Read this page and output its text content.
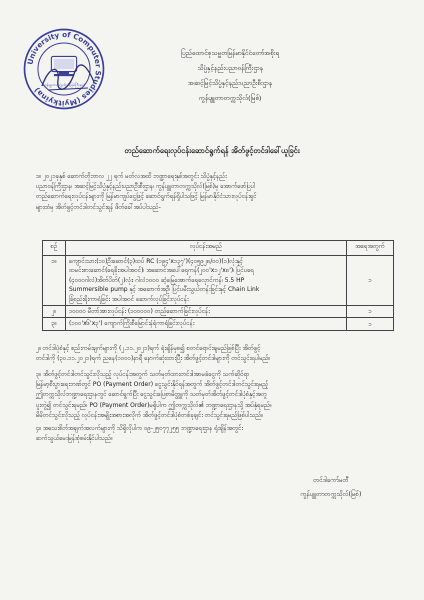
University of Computer Studies (Myitkyina)
ကွန်ပျူတာတက္ကသိုလ်(မြစ်ကြီးနား)
ပြည်ထောင်စုသမ္မတမြန်မာနိုင်ငံတော်အစိုးရ
သိပ္ပံနှင့်နည်းပညာဝန်ကြီးဌာန
အဆင့်မြင့်သိပ္ပံနှင့်နည်းပညာဦးစီးဌာန
ကွန်ပျူတာတက္ကသိုလ်(မြစ်)
တည်ဆောက်ရေးလုပ်ငန်းဆောင်ရွက်ရန် အိတ်ဖွင့်တင်ဒါခေါ်ယူခြင်း
၁။ ၂၀၂၁ခုနှစ် ဆောက်တိုဘာလ ၂၂ ရက် မတ်လအထိ ဘဏ္ဍာရေးနှစ်အတွင်း သိပ္ပံနှင့်နည်း
ပညာဝန်ကြီးဌာန၊ အဆင့်မြင့်သိပ္ပံနှင့်နည်းပညာဦးစီးဌာန၊ ကွန်ပျူတာတက္ကသိုလ်(မြစ်)မှ အောက်ဖော်ပြပါ
တည်ဆောက်ရေးလုပ်ငန်းများကို မြန်မာကျပ်ငွေဖြင့် ဆောင်ရွက်ရန်ရှိပါသဖြင့် မြန်မာနိုင်ငံသားလုပ်ငန်းရှင်
များထံမှ အိတ်ဖွင့်တင်ဒါတင်သွင်းရန် ဖိတ်ခေါ်အပ်ပါသည်-
စဉ်	လုပ်ငန်းအမည်	အရေအတွက်
၁။	ကျောင်းသား(၁၀)ဦးဆောင်(၃)ထပ် RC (၁၉၄'x၁၃၇')(၄၀၅၉၂၈/၀၀)(၁)လုံးနှင့်
ထမင်းစားဆောင်(ရေခိုးအပါအဝင်)၊ အဆောင်အပေါ်ရေကန်(၂၀၀'x၁၂'x၈')၊ ပြင်ပရေ
(၄၀၀၀ဂါလံ)အိတ်ပိတ်(၂)လုံး၊ ဂါလံ၁၀၀၀ ဆံ့မြေအောက်ရေလှောင်ကန်၊ 5.5 HP
Summersible pump နှင့် အဆောက်အဦ၊ ပြင်ပမီးသွယ်တန်းခြင်းနှင့် Chain Link
ခြံစည်းရိုးကာရံခြင်း အပါအဝင် ဆောက်လုပ်ခြင်းလုပ်ငန်း	၁
၂။	၁၀၀၀၀ မီတာ်အားလုပ်ငန်း (၁၀၀၀၀၀) တည်ဆောက်ခြင်းလုပ်ငန်း	၁
၃။	(၁၀၀'x၆'x၃') ကျောက်ကြိုးစီမြောင်းနံရံကာရံခြင်းလုပ်ငန်း	၁
၂။ တင်ဒါပုံစံနှင့် စည်းကမ်းချက်များကို (၂.၁၁.၂၀၂၁)ရက် ရုံးချိန်မှစ၍ စတင်ရောင်းချမည်ဖြစ်ပြီး အိတ်ဖွင့်
တင်ဒါကို (၃၀.၁၁.၂၀၂၁)ရက် ညနေ(၁၀၀၀)နာရီ နောက်ဆုံးထားပြီး အိတ်ဖွင့်တင်ဒါများကို တင်သွင်းရပါမည်။
၃။ အိတ်ဖွင့်တင်ဒါတင်သွင်းလိုသည့် လုပ်ငန်းအတွက် သတ်မှတ်ထားတင်ဒါအာမခံငွေကို သက်ဆိုင်ရာ
မြန်မာ့စီးပွားရေးဘဏ်တွင် PO (Payment Order) ငွေသွင်းနိုင်ရန်အတွက် အိတ်ဖွင့်တင်ဒါတင်သွင်းရမည့်
ဤတက္ကသိုလ်ဘဏ္ဍာရေးဌာနတွင် ဆောင်ရွက်ပြီး ငွေသွင်းပြေစာမိတ္တူကို သတ်မှတ်အိတ်ဖွင့်တင်ဒါပုံစံနှင့်အတူ
ပူးတွဲ၍ တင်သွင်းရမည်။ PO (Payment Order)မရှိပါက ဤတက္ကသိုလ်၏ ဘဏ္ဍာရေးဌာနသို့ အပ်နှံရမည်။
မိမိတင်သွင်းလိုသည့် လုပ်ငန်းအမျိုးအစားအလိုက် အိတ်ဖွင့်တင်ဒါပုံစံတစ်ခုချင်း တင်သွင်းရမည်ဖြစ်ပါသည်။
၄။ အသေးစိတ်အချက်အလက်များကို သိရှိလိုပါက ၀၉-၂၅၀၇၇၂၅၅ ဘဏ္ဍာရေးဌာန ရုံးချိန်အတွင်း
ဆက်သွယ်မေးမြန်းစုံစမ်းနိုင်ပါသည်။
တင်ဒါကော်မတီ
ကွန်ပျူတာတက္ကသိုလ်(မြစ်)
